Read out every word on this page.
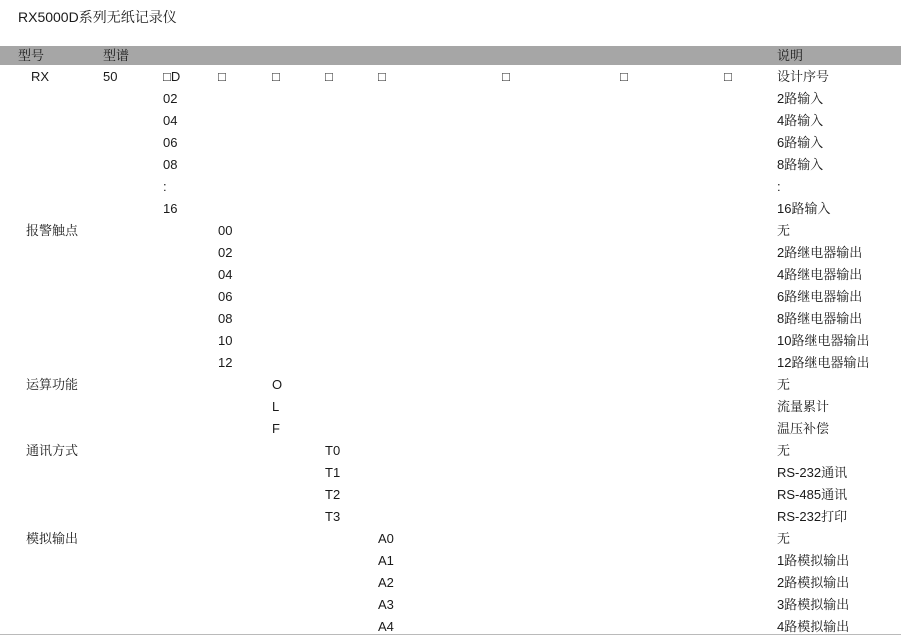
RX5000D系列无纸记录仪
型号	型谱	说明
RX	50	□D	□	□	□	□	□	□	□	设计序号
02	2路输入
04	4路输入
06	6路输入
08	8路输入
:	:
16	16路输入
报警触点	00	无
02	2路继电器输出
04	4路继电器输出
06	6路继电器输出
08	8路继电器输出
10	10路继电器输出
12	12路继电器输出
运算功能	O	无
L	流量累计
F	温压补偿
通讯方式	T0	无
T1	RS-232通讯
T2	RS-485通讯
T3	RS-232打印
模拟输出	A0	无
A1	1路模拟输出
A2	2路模拟输出
A3	3路模拟输出
A4	4路模拟输出
